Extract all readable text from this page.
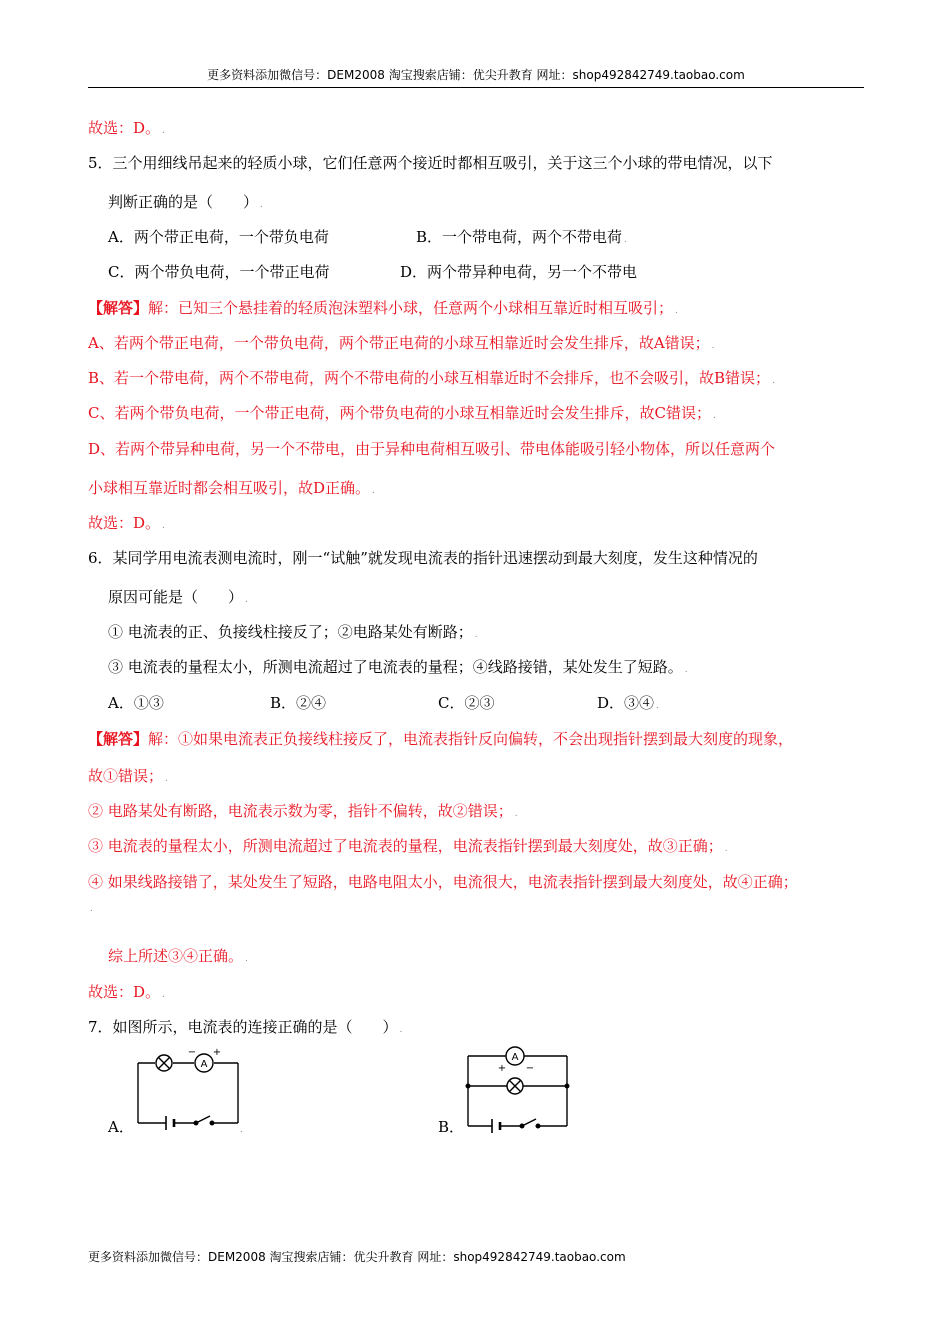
更多资料添加微信号：DEM2008 淘宝搜索店铺：优尖升教育 网址：shop492842749.taobao.com
故选：D。 .
5．三个用细线吊起来的轻质小球，它们任意两个接近时都相互吸引，关于这三个小球的带电情况，以下
判断正确的是（　　） .
A．两个带正电荷，一个带负电荷	B．一个带电荷，两个不带电荷 .
C．两个带负电荷，一个带正电荷	D．两个带异种电荷，另一个不带电
【解答】解：已知三个悬挂着的轻质泡沫塑料小球，任意两个小球相互靠近时相互吸引； .
A、若两个带正电荷，一个带负电荷，两个带正电荷的小球互相靠近时会发生排斥，故A错误； .
B、若一个带电荷，两个不带电荷，两个不带电荷的小球互相靠近时不会排斥，也不会吸引，故B错误； .
C、若两个带负电荷，一个带正电荷，两个带负电荷的小球互相靠近时会发生排斥，故C错误； .
D、若两个带异种电荷，另一个不带电，由于异种电荷相互吸引、带电体能吸引轻小物体，所以任意两个
小球相互靠近时都会相互吸引，故D正确。 .
故选：D。 .
6．某同学用电流表测电流时，刚一“试触”就发现电流表的指针迅速摆动到最大刻度，发生这种情况的
原因可能是（　　） .
① 电流表的正、负接线柱接反了；②电路某处有断路； .
③ 电流表的量程太小，所测电流超过了电流表的量程；④线路接错，某处发生了短路。 .
A．①③	B．②④	C．②③	D．③④ .
【解答】解：①如果电流表正负接线柱接反了，电流表指针反向偏转，不会出现指针摆到最大刻度的现象，
故①错误； .
② 电路某处有断路，电流表示数为零，指针不偏转，故②错误； .
③ 电流表的量程太小，所测电流超过了电流表的量程，电流表指针摆到最大刻度处，故③正确； .
④ 如果线路接错了，某处发生了短路，电路电阻太小，电流很大，电流表指针摆到最大刻度处，故④正确；
.
综上所述③④正确。 .
故选：D。 .
7．如图所示，电流表的连接正确的是（　　） .
A．
A
− +
.	B．
A
+ −
更多资料添加微信号：DEM2008 淘宝搜索店铺：优尖升教育 网址：shop492842749.taobao.com
